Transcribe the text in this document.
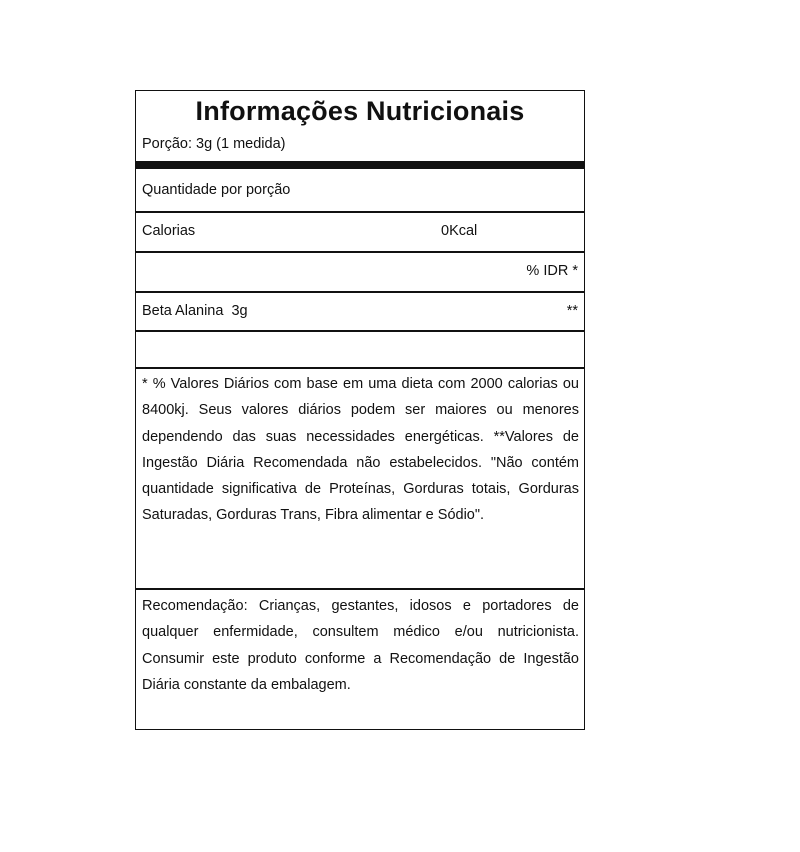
Informações Nutricionais
Porção: 3g (1 medida)
Quantidade por porção
Calorias	0Kcal
% IDR *
Beta Alanina  3g	**
* % Valores Diários com base em uma dieta com 2000 calorias ou 8400kj. Seus valores diários podem ser maiores ou menores dependendo das suas necessidades energéticas. **Valores de Ingestão Diária Recomendada não estabelecidos. "Não contém quantidade significativa de Proteínas, Gorduras totais, Gorduras Saturadas, Gorduras Trans, Fibra alimentar e Sódio".
Recomendação: Crianças, gestantes, idosos e portadores de qualquer enfermidade, consultem médico e/ou nutricionista. Consumir este produto conforme a Recomendação de Ingestão Diária constante da embalagem.
